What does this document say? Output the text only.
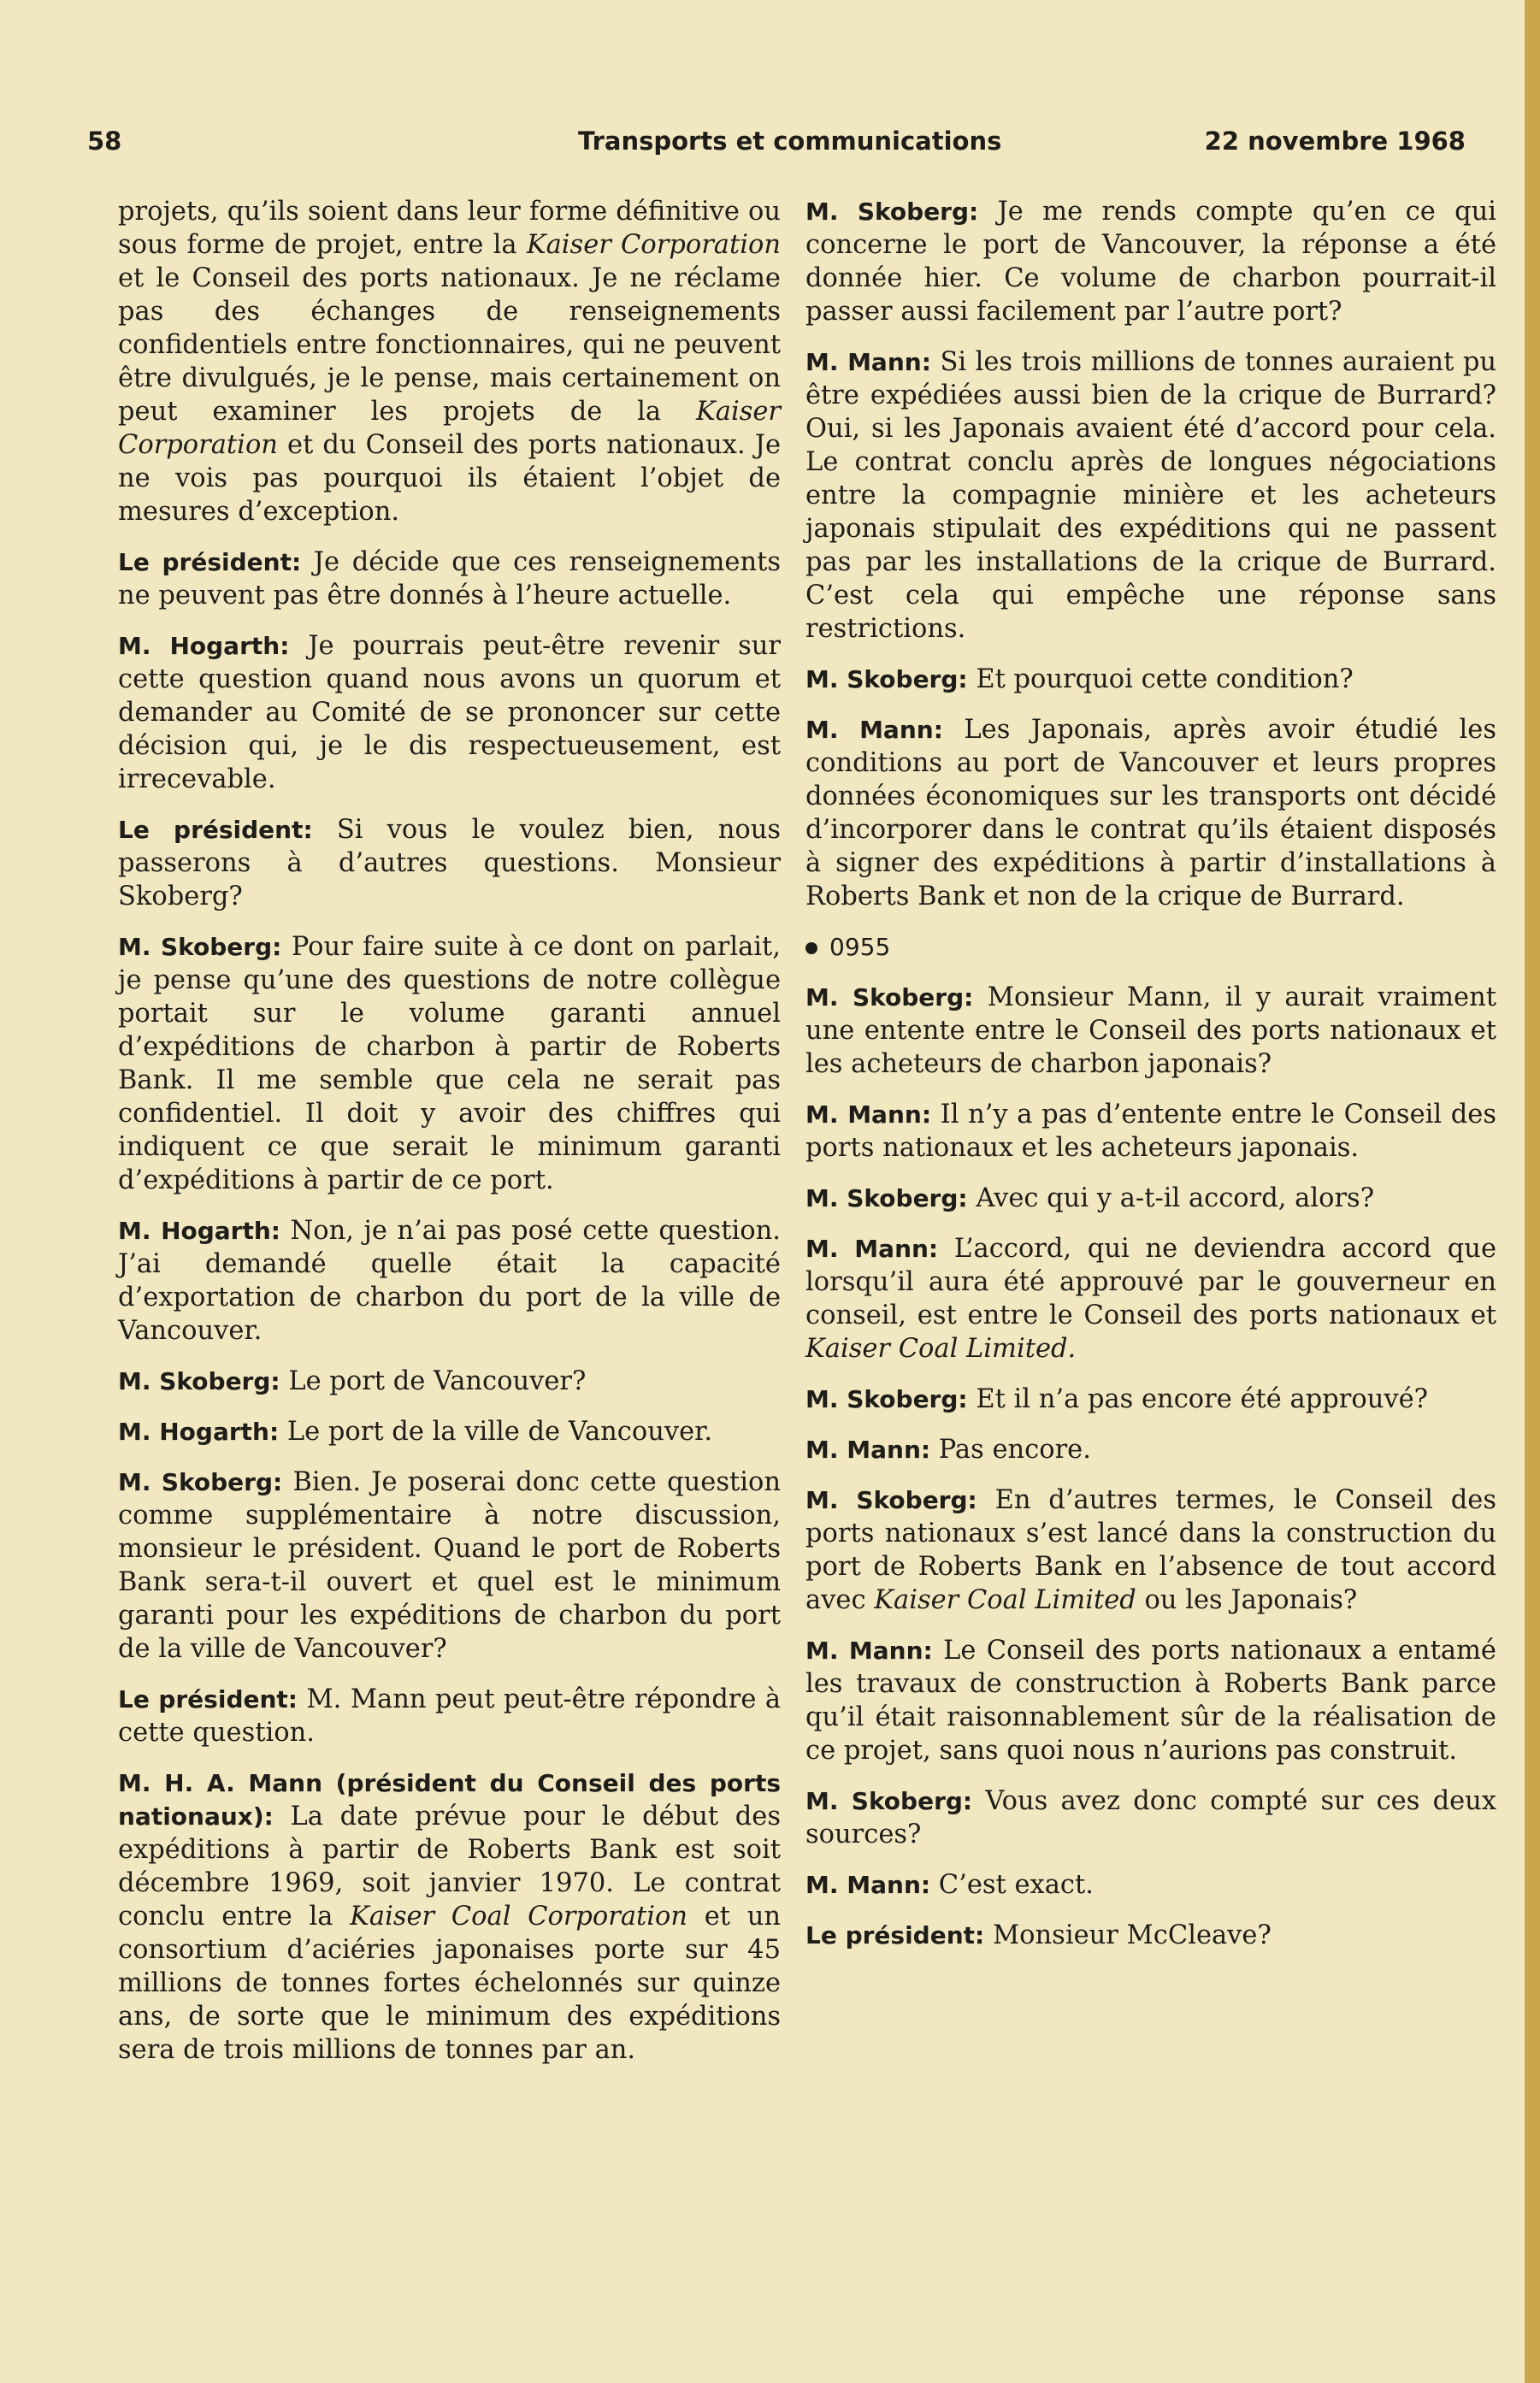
58	Transports et communications	22 novembre 1968

projets, qu’ils soient dans leur forme définitive ou sous forme de projet, entre la Kaiser Corporation et le Conseil des ports nationaux. Je ne réclame pas des échanges de renseignements confidentiels entre fonctionnaires, qui ne peuvent être divulgués, je le pense, mais certainement on peut examiner les projets de la Kaiser Corporation et du Conseil des ports nationaux. Je ne vois pas pourquoi ils étaient l’objet de mesures d’exception.

Le président: Je décide que ces renseignements ne peuvent pas être donnés à l’heure actuelle.

M. Hogarth: Je pourrais peut-être revenir sur cette question quand nous avons un quorum et demander au Comité de se prononcer sur cette décision qui, je le dis respectueusement, est irrecevable.

Le président: Si vous le voulez bien, nous passerons à d’autres questions. Monsieur Skoberg?

M. Skoberg: Pour faire suite à ce dont on parlait, je pense qu’une des questions de notre collègue portait sur le volume garanti annuel d’expéditions de charbon à partir de Roberts Bank. Il me semble que cela ne serait pas confidentiel. Il doit y avoir des chiffres qui indiquent ce que serait le minimum garanti d’expéditions à partir de ce port.

M. Hogarth: Non, je n’ai pas posé cette question. J’ai demandé quelle était la capacité d’exportation de charbon du port de la ville de Vancouver.

M. Skoberg: Le port de Vancouver?

M. Hogarth: Le port de la ville de Vancouver.

M. Skoberg: Bien. Je poserai donc cette question comme supplémentaire à notre discussion, monsieur le président. Quand le port de Roberts Bank sera-t-il ouvert et quel est le minimum garanti pour les expéditions de charbon du port de la ville de Vancouver?

Le président: M. Mann peut peut-être répondre à cette question.

M. H. A. Mann (président du Conseil des ports nationaux): La date prévue pour le début des expéditions à partir de Roberts Bank est soit décembre 1969, soit janvier 1970. Le contrat conclu entre la Kaiser Coal Corporation et un consortium d’aciéries japonaises porte sur 45 millions de tonnes fortes échelonnés sur quinze ans, de sorte que le minimum des expéditions sera de trois millions de tonnes par an.

M. Skoberg: Je me rends compte qu’en ce qui concerne le port de Vancouver, la réponse a été donnée hier. Ce volume de charbon pourrait-il passer aussi facilement par l’autre port?

M. Mann: Si les trois millions de tonnes auraient pu être expédiées aussi bien de la crique de Burrard? Oui, si les Japonais avaient été d’accord pour cela. Le contrat conclu après de longues négociations entre la compagnie minière et les acheteurs japonais stipulait des expéditions qui ne passent pas par les installations de la crique de Burrard. C’est cela qui empêche une réponse sans restrictions.

M. Skoberg: Et pourquoi cette condition?

M. Mann: Les Japonais, après avoir étudié les conditions au port de Vancouver et leurs propres données économiques sur les transports ont décidé d’incorporer dans le contrat qu’ils étaient disposés à signer des expéditions à partir d’installations à Roberts Bank et non de la crique de Burrard.

0955

M. Skoberg: Monsieur Mann, il y aurait vraiment une entente entre le Conseil des ports nationaux et les acheteurs de charbon japonais?

M. Mann: Il n’y a pas d’entente entre le Conseil des ports nationaux et les acheteurs japonais.

M. Skoberg: Avec qui y a-t-il accord, alors?

M. Mann: L’accord, qui ne deviendra accord que lorsqu’il aura été approuvé par le gouverneur en conseil, est entre le Conseil des ports nationaux et Kaiser Coal Limited.

M. Skoberg: Et il n’a pas encore été approuvé?

M. Mann: Pas encore.

M. Skoberg: En d’autres termes, le Conseil des ports nationaux s’est lancé dans la construction du port de Roberts Bank en l’absence de tout accord avec Kaiser Coal Limited ou les Japonais?

M. Mann: Le Conseil des ports nationaux a entamé les travaux de construction à Roberts Bank parce qu’il était raisonnablement sûr de la réalisation de ce projet, sans quoi nous n’aurions pas construit.

M. Skoberg: Vous avez donc compté sur ces deux sources?

M. Mann: C’est exact.

Le président: Monsieur McCleave?
